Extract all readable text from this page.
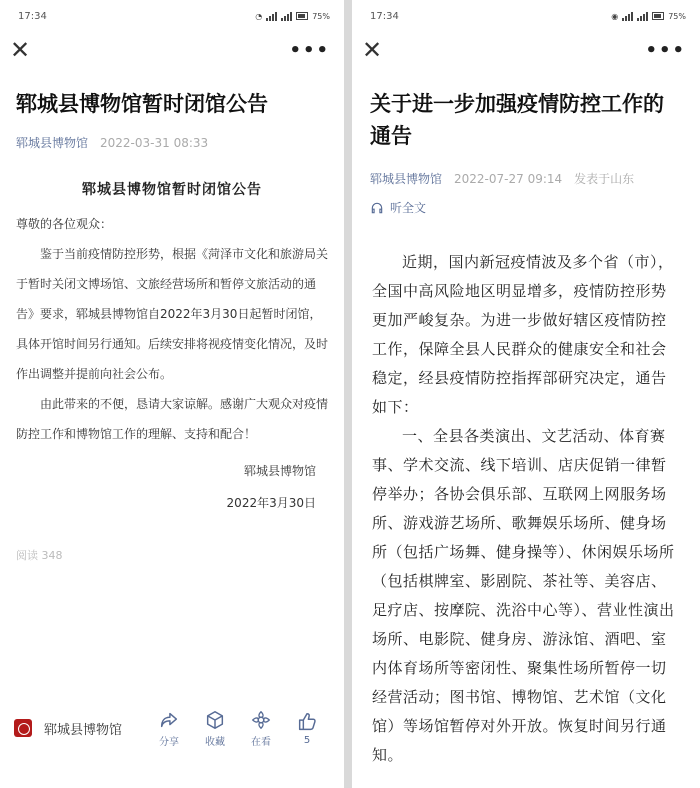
17:34	◔	75%
✕	•••
郓城县博物馆暂时闭馆公告
郓城县博物馆 2022-03-31 08:33
郓城县博物馆暂时闭馆公告

尊敬的各位观众：

鉴于当前疫情防控形势，根据《菏泽市文化和旅游局关于暂时关闭文博场馆、文旅经营场所和暂停文旅活动的通告》要求，郓城县博物馆自2022年3月30日起暂时闭馆，具体开馆时间另行通知。后续安排将视疫情变化情况，及时作出调整并提前向社会公布。

由此带来的不便，恳请大家谅解。感谢广大观众对疫情防控工作和博物馆工作的理解、支持和配合！

郓城县博物馆
2022年3月30日
阅读 348
郓城县博物馆
分享	收藏	在看	5
17:34	◉	75%
✕	•••
关于进一步加强疫情防控工作的通告
郓城县博物馆 2022-07-27 09:14 发表于山东
听全文

近期，国内新冠疫情波及多个省（市），全国中高风险地区明显增多，疫情防控形势更加严峻复杂。为进一步做好辖区疫情防控工作，保障全县人民群众的健康安全和社会稳定，经县疫情防控指挥部研究决定，通告如下：

一、全县各类演出、文艺活动、体育赛事、学术交流、线下培训、店庆促销一律暂停举办；各协会俱乐部、互联网上网服务场所、游戏游艺场所、歌舞娱乐场所、健身场所（包括广场舞、健身操等）、休闲娱乐场所（包括棋牌室、影剧院、茶社等、美容店、足疗店、按摩院、洗浴中心等）、营业性演出场所、电影院、健身房、游泳馆、酒吧、室内体育场所等密闭性、聚集性场所暂停一切经营活动；图书馆、博物馆、艺术馆（文化馆）等场馆暂停对外开放。恢复时间另行通知。
